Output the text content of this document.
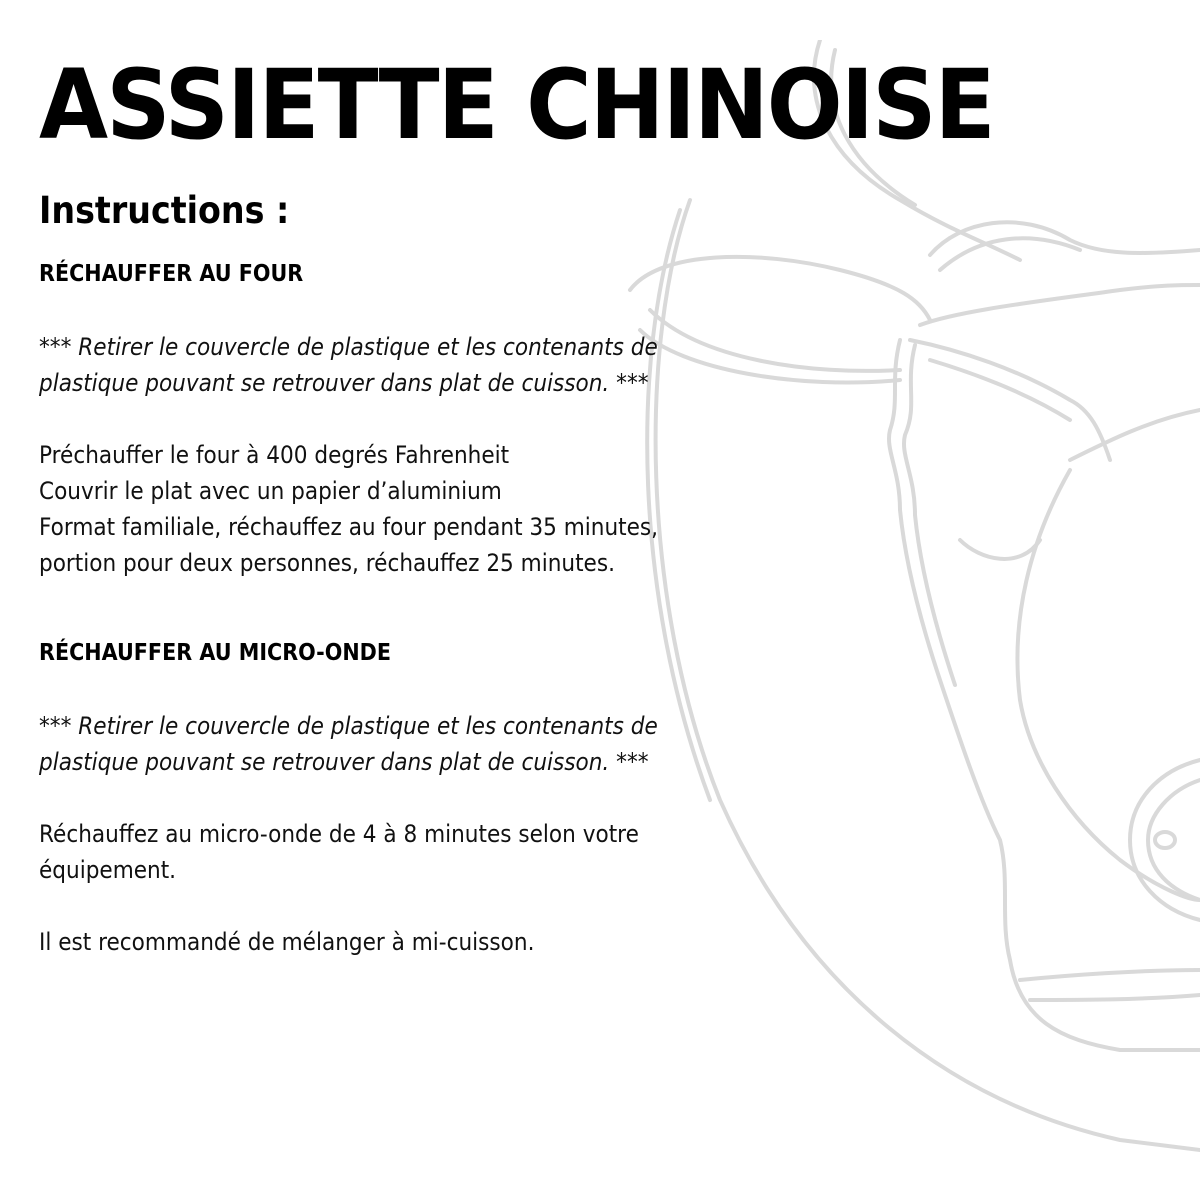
ASSIETTE CHINOISE
Instructions :
RÉCHAUFFER AU FOUR

*** Retirer le couvercle de plastique et les contenants de

plastique pouvant se retrouver dans plat de cuisson. ***

Préchauffer le four à 400 degrés Fahrenheit

Couvrir le plat avec un papier d’aluminium

Format familiale, réchauffez au four pendant 35 minutes,

portion pour deux personnes, réchauffez 25 minutes.

RÉCHAUFFER AU MICRO-ONDE

*** Retirer le couvercle de plastique et les contenants de

plastique pouvant se retrouver dans plat de cuisson. ***

Réchauffez au micro-onde de 4 à 8 minutes selon votre

équipement.

Il est recommandé de mélanger à mi-cuisson.
